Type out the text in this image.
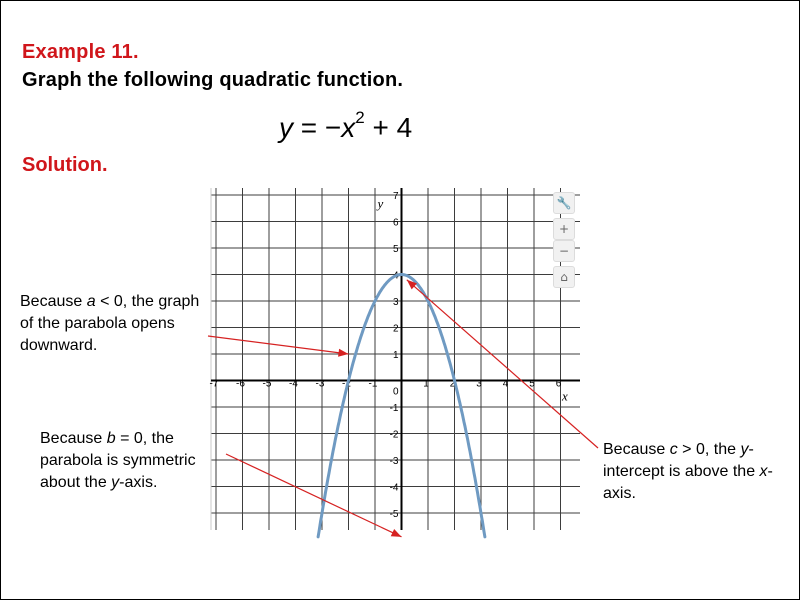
Example 11.
Graph the following quadratic function.
$y = -x^2 + 4$
Solution.
-7 -6 -5 -4 -3 -2 -1	1 2 3 4 5 6
-5
-4
-3
-2
-1
1
2
3
4
5
6
7
0	x
y	🔧
+
−
⌂
Because a < 0, the graph of the parabola opens downward.
Because b = 0, the parabola is symmetric about the y-axis.
Because c > 0, the y-intercept is above the x-axis.
